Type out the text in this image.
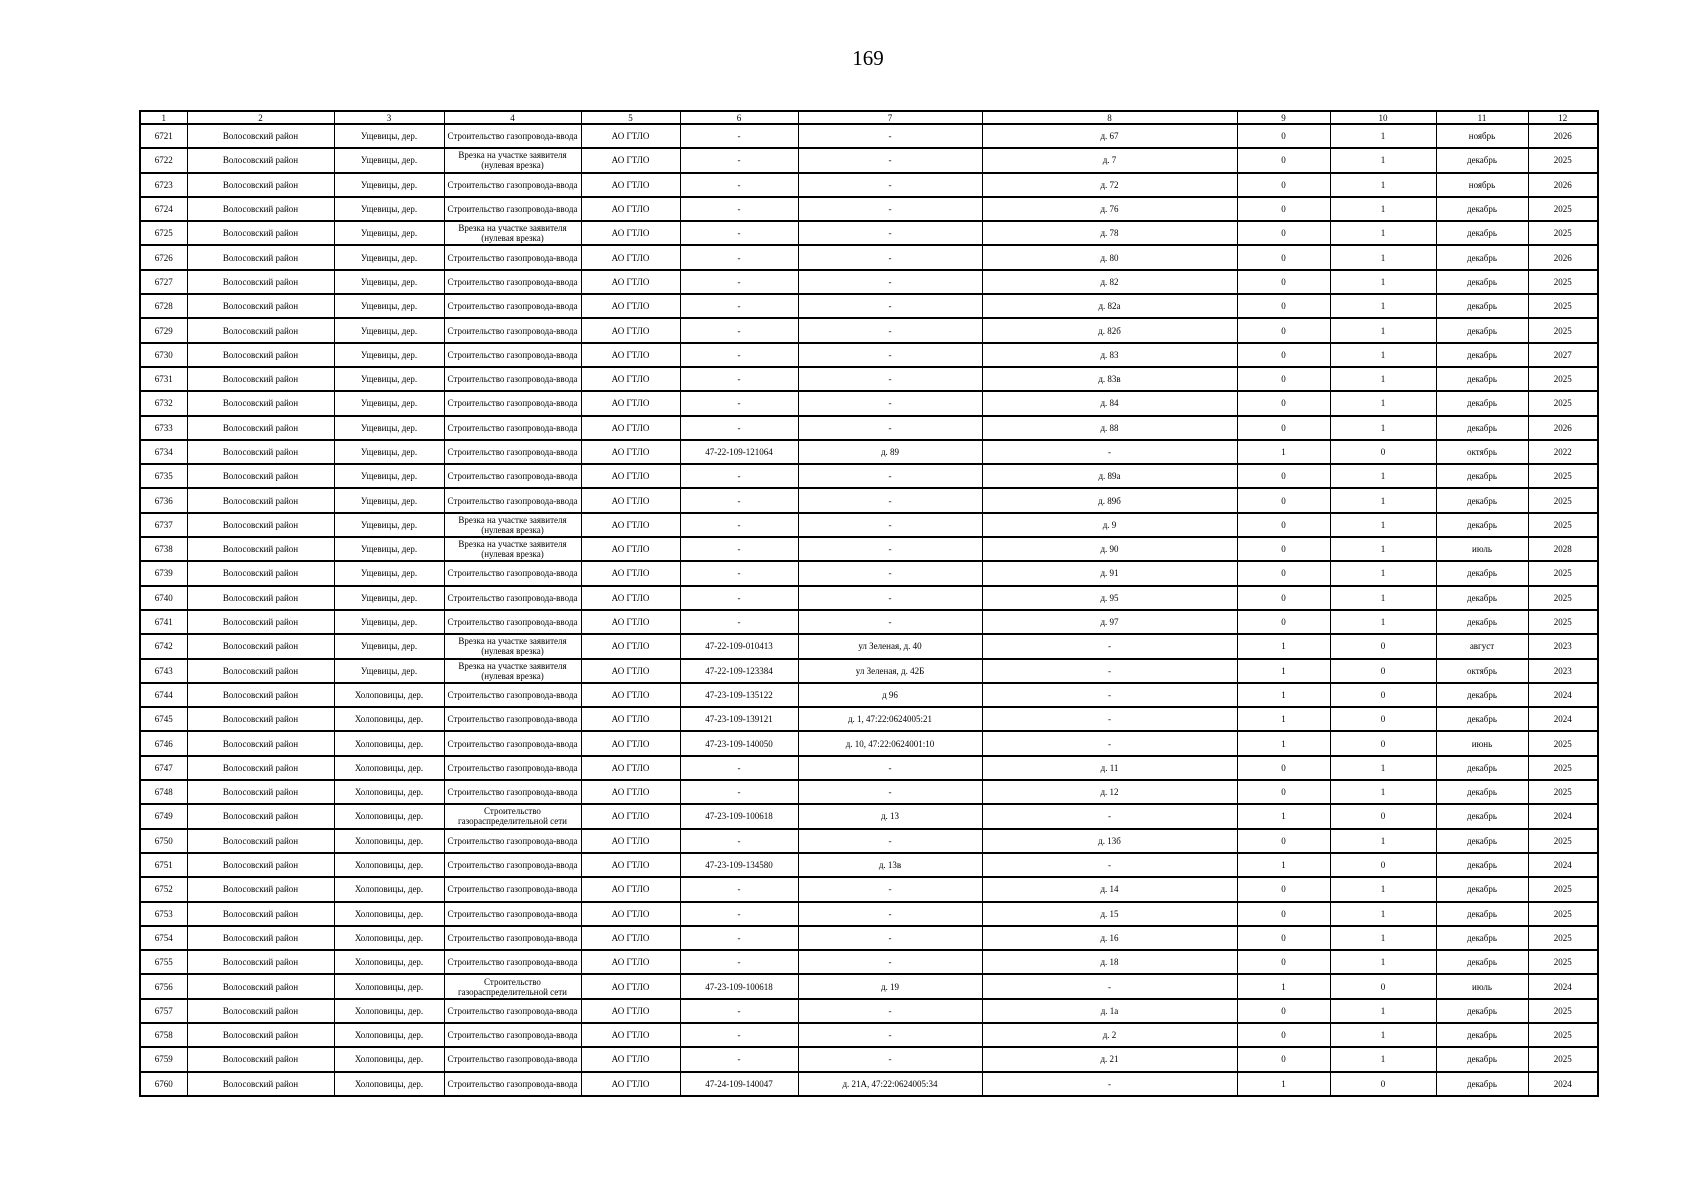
169
1	2	3	4	5	6	7	8	9	10	11	12
6721	Волосовский район	Ущевицы, дер.	Строительство газопровода-ввода	АО ГТЛО	-	-	д. 67	0	1	ноябрь	2026
6722	Волосовский район	Ущевицы, дер.	Врезка на участке заявителя (нулевая врезка)	АО ГТЛО	-	-	д. 7	0	1	декабрь	2025
6723	Волосовский район	Ущевицы, дер.	Строительство газопровода-ввода	АО ГТЛО	-	-	д. 72	0	1	ноябрь	2026
6724	Волосовский район	Ущевицы, дер.	Строительство газопровода-ввода	АО ГТЛО	-	-	д. 76	0	1	декабрь	2025
6725	Волосовский район	Ущевицы, дер.	Врезка на участке заявителя (нулевая врезка)	АО ГТЛО	-	-	д. 78	0	1	декабрь	2025
6726	Волосовский район	Ущевицы, дер.	Строительство газопровода-ввода	АО ГТЛО	-	-	д. 80	0	1	декабрь	2026
6727	Волосовский район	Ущевицы, дер.	Строительство газопровода-ввода	АО ГТЛО	-	-	д. 82	0	1	декабрь	2025
6728	Волосовский район	Ущевицы, дер.	Строительство газопровода-ввода	АО ГТЛО	-	-	д. 82а	0	1	декабрь	2025
6729	Волосовский район	Ущевицы, дер.	Строительство газопровода-ввода	АО ГТЛО	-	-	д. 82б	0	1	декабрь	2025
6730	Волосовский район	Ущевицы, дер.	Строительство газопровода-ввода	АО ГТЛО	-	-	д. 83	0	1	декабрь	2027
6731	Волосовский район	Ущевицы, дер.	Строительство газопровода-ввода	АО ГТЛО	-	-	д. 83в	0	1	декабрь	2025
6732	Волосовский район	Ущевицы, дер.	Строительство газопровода-ввода	АО ГТЛО	-	-	д. 84	0	1	декабрь	2025
6733	Волосовский район	Ущевицы, дер.	Строительство газопровода-ввода	АО ГТЛО	-	-	д. 88	0	1	декабрь	2026
6734	Волосовский район	Ущевицы, дер.	Строительство газопровода-ввода	АО ГТЛО	47-22-109-121064	д. 89	-	1	0	октябрь	2022
6735	Волосовский район	Ущевицы, дер.	Строительство газопровода-ввода	АО ГТЛО	-	-	д. 89а	0	1	декабрь	2025
6736	Волосовский район	Ущевицы, дер.	Строительство газопровода-ввода	АО ГТЛО	-	-	д. 89б	0	1	декабрь	2025
6737	Волосовский район	Ущевицы, дер.	Врезка на участке заявителя (нулевая врезка)	АО ГТЛО	-	-	д. 9	0	1	декабрь	2025
6738	Волосовский район	Ущевицы, дер.	Врезка на участке заявителя (нулевая врезка)	АО ГТЛО	-	-	д. 90	0	1	июль	2028
6739	Волосовский район	Ущевицы, дер.	Строительство газопровода-ввода	АО ГТЛО	-	-	д. 91	0	1	декабрь	2025
6740	Волосовский район	Ущевицы, дер.	Строительство газопровода-ввода	АО ГТЛО	-	-	д. 95	0	1	декабрь	2025
6741	Волосовский район	Ущевицы, дер.	Строительство газопровода-ввода	АО ГТЛО	-	-	д. 97	0	1	декабрь	2025
6742	Волосовский район	Ущевицы, дер.	Врезка на участке заявителя (нулевая врезка)	АО ГТЛО	47-22-109-010413	ул Зеленая, д. 40	-	1	0	август	2023
6743	Волосовский район	Ущевицы, дер.	Врезка на участке заявителя (нулевая врезка)	АО ГТЛО	47-22-109-123384	ул Зеленая, д. 42Б	-	1	0	октябрь	2023
6744	Волосовский район	Холоповицы, дер.	Строительство газопровода-ввода	АО ГТЛО	47-23-109-135122	д 96	-	1	0	декабрь	2024
6745	Волосовский район	Холоповицы, дер.	Строительство газопровода-ввода	АО ГТЛО	47-23-109-139121	д. 1, 47:22:0624005:21	-	1	0	декабрь	2024
6746	Волосовский район	Холоповицы, дер.	Строительство газопровода-ввода	АО ГТЛО	47-23-109-140050	д. 10, 47:22:0624001:10	-	1	0	июнь	2025
6747	Волосовский район	Холоповицы, дер.	Строительство газопровода-ввода	АО ГТЛО	-	-	д. 11	0	1	декабрь	2025
6748	Волосовский район	Холоповицы, дер.	Строительство газопровода-ввода	АО ГТЛО	-	-	д. 12	0	1	декабрь	2025
6749	Волосовский район	Холоповицы, дер.	Строительство газораспределительной сети	АО ГТЛО	47-23-109-100618	д. 13	-	1	0	декабрь	2024
6750	Волосовский район	Холоповицы, дер.	Строительство газопровода-ввода	АО ГТЛО	-	-	д. 13б	0	1	декабрь	2025
6751	Волосовский район	Холоповицы, дер.	Строительство газопровода-ввода	АО ГТЛО	47-23-109-134580	д. 13в	-	1	0	декабрь	2024
6752	Волосовский район	Холоповицы, дер.	Строительство газопровода-ввода	АО ГТЛО	-	-	д. 14	0	1	декабрь	2025
6753	Волосовский район	Холоповицы, дер.	Строительство газопровода-ввода	АО ГТЛО	-	-	д. 15	0	1	декабрь	2025
6754	Волосовский район	Холоповицы, дер.	Строительство газопровода-ввода	АО ГТЛО	-	-	д. 16	0	1	декабрь	2025
6755	Волосовский район	Холоповицы, дер.	Строительство газопровода-ввода	АО ГТЛО	-	-	д. 18	0	1	декабрь	2025
6756	Волосовский район	Холоповицы, дер.	Строительство газораспределительной сети	АО ГТЛО	47-23-109-100618	д. 19	-	1	0	июль	2024
6757	Волосовский район	Холоповицы, дер.	Строительство газопровода-ввода	АО ГТЛО	-	-	д. 1а	0	1	декабрь	2025
6758	Волосовский район	Холоповицы, дер.	Строительство газопровода-ввода	АО ГТЛО	-	-	д. 2	0	1	декабрь	2025
6759	Волосовский район	Холоповицы, дер.	Строительство газопровода-ввода	АО ГТЛО	-	-	д. 21	0	1	декабрь	2025
6760	Волосовский район	Холоповицы, дер.	Строительство газопровода-ввода	АО ГТЛО	47-24-109-140047	д. 21А, 47:22:0624005:34	-	1	0	декабрь	2024
